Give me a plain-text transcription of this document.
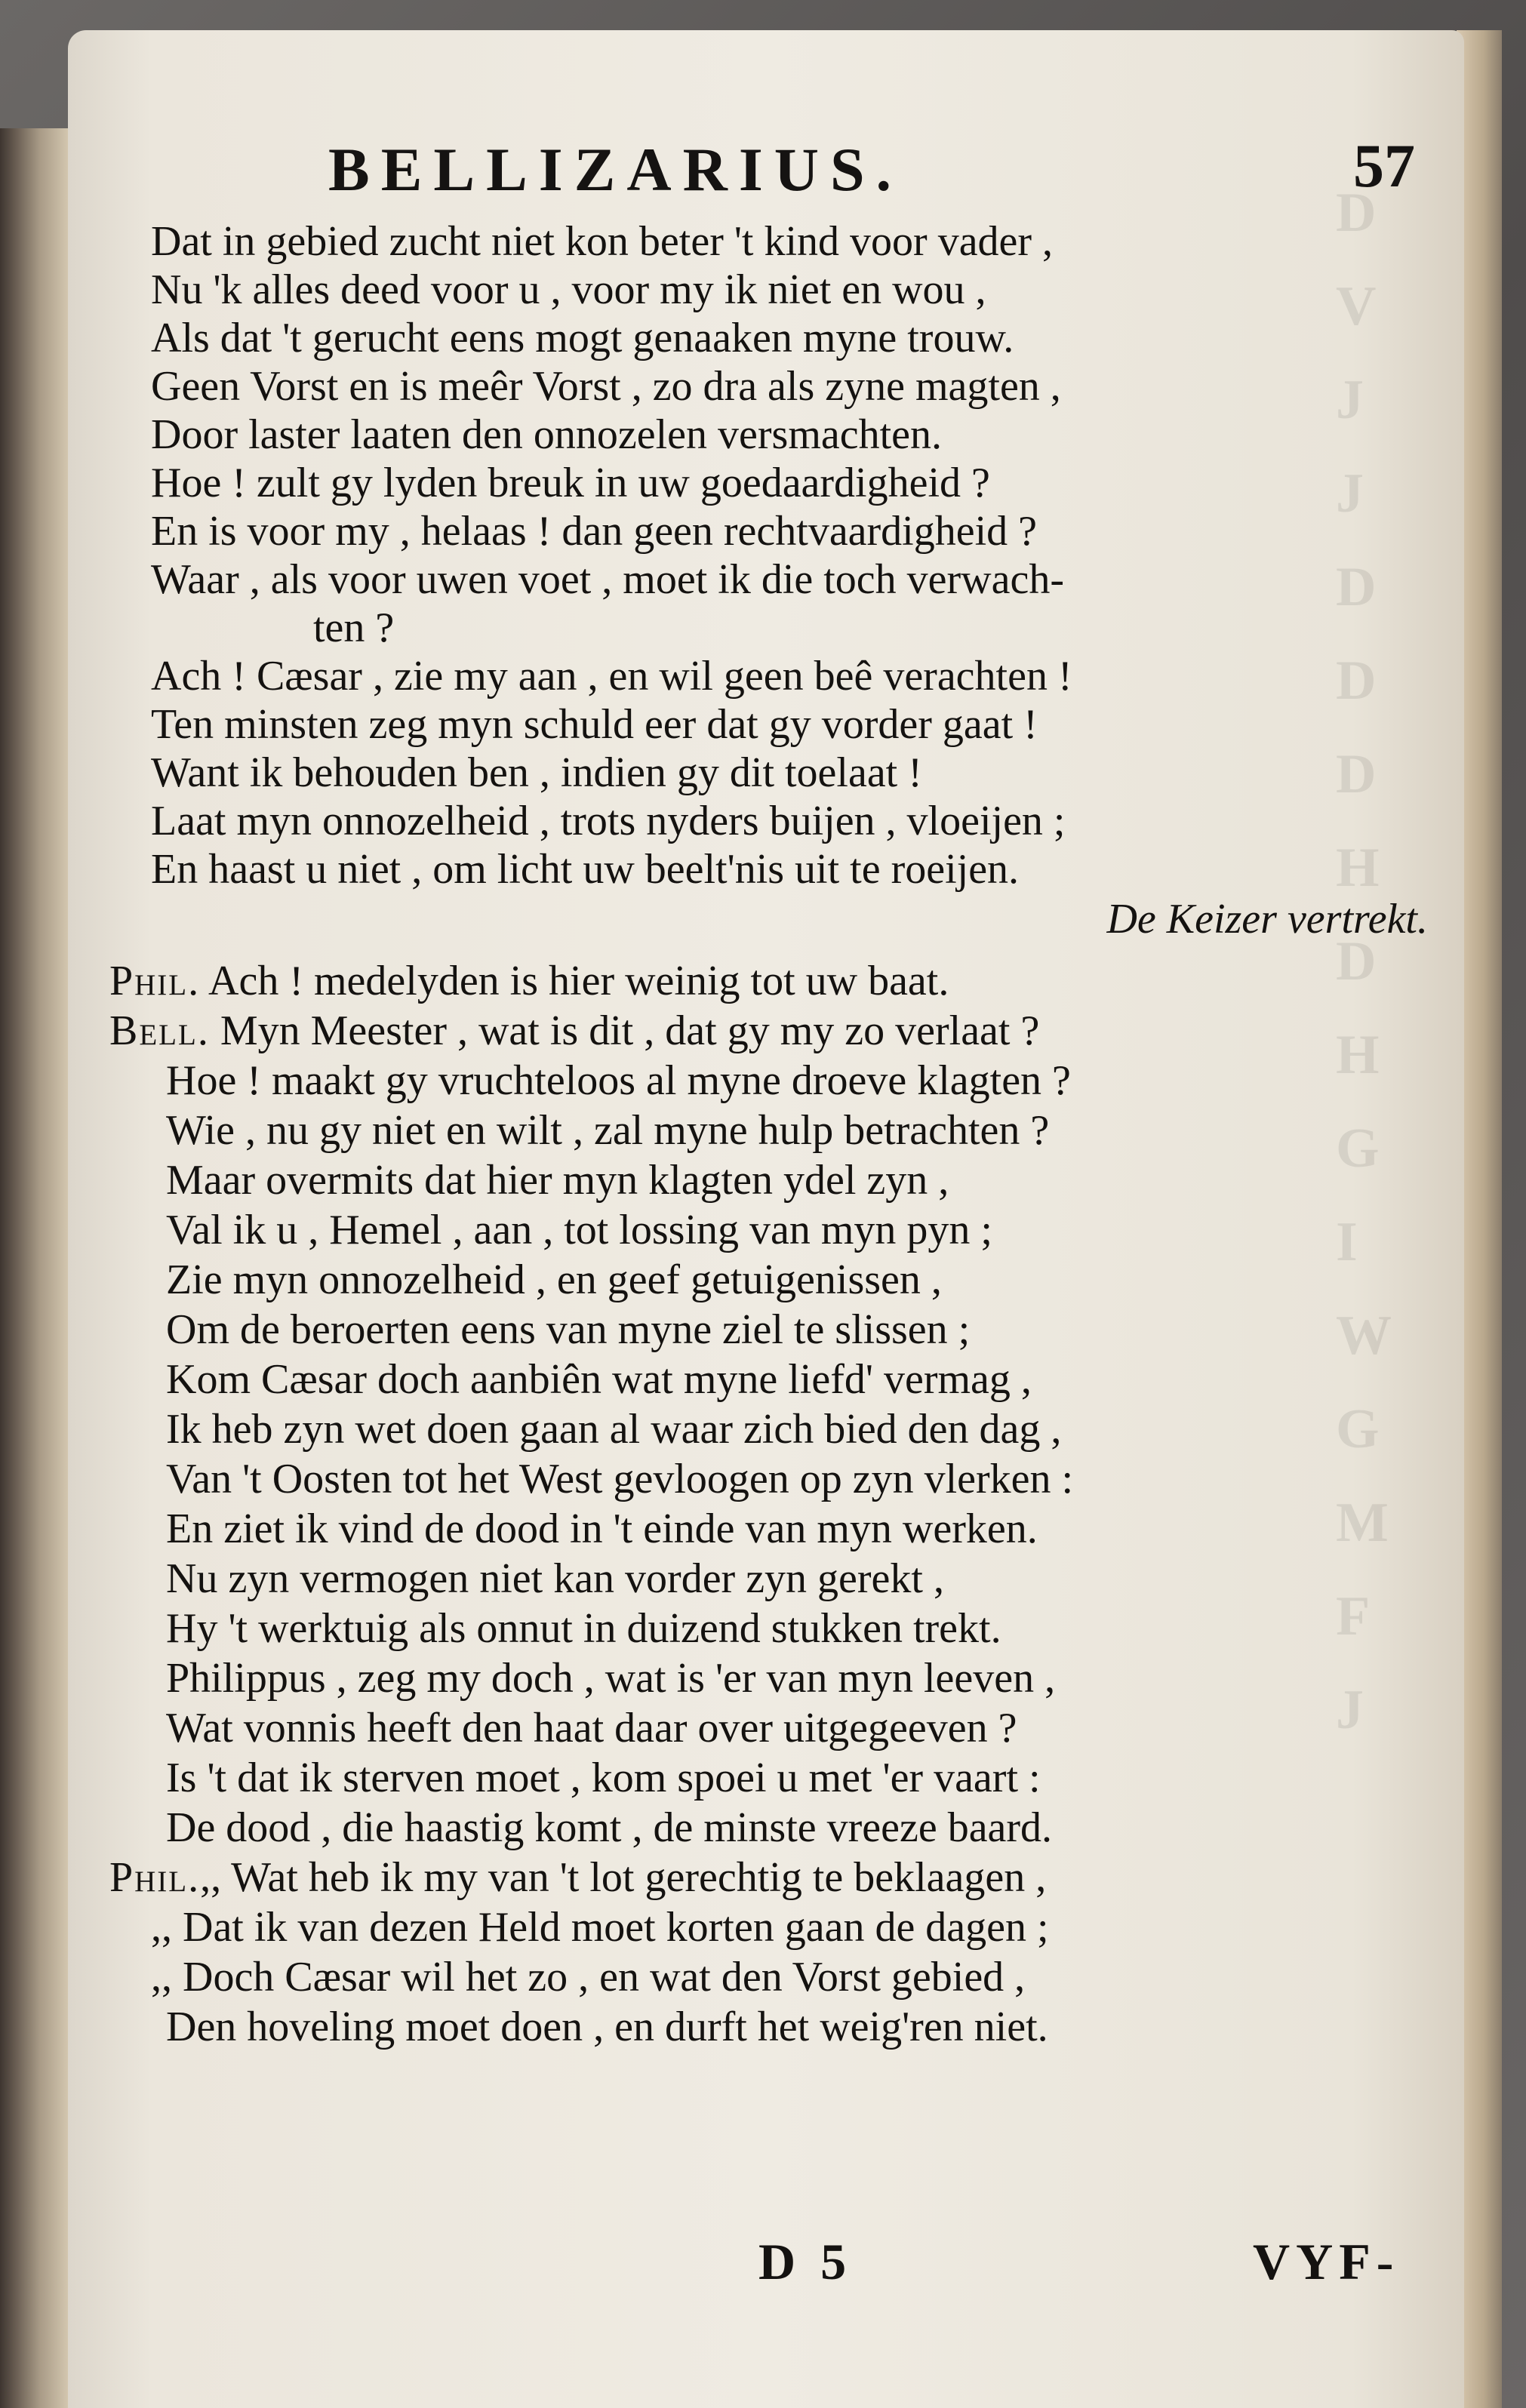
D
V
J
J
D
D
D
H
D
H
G
I
W
G
M
F
J
BELLIZARIUS.	57
Dat in gebied zucht niet kon beter 't kind voor vader ,
Nu 'k alles deed voor u , voor my ik niet en wou ,
Als dat 't gerucht eens mogt genaaken myne trouw.
Geen Vorst en is meêr Vorst , zo dra als zyne magten ,
Door laster laaten den onnozelen versmachten.
Hoe ! zult gy lyden breuk in uw goedaardigheid ?
En is voor my , helaas ! dan geen rechtvaardigheid ?
Waar , als voor uwen voet , moet ik die toch verwach-
ten ?
Ach ! Cæsar , zie my aan , en wil geen beê verachten !
Ten minsten zeg myn schuld eer dat gy vorder gaat !
Want ik behouden ben , indien gy dit toelaat !
Laat myn onnozelheid , trots nyders buijen , vloeijen ;
En haast u niet , om licht uw beelt'nis uit te roeijen.
De Keizer vertrekt.
Phil. Ach ! medelyden is hier weinig tot uw baat.
Bell. Myn Meester , wat is dit , dat gy my zo verlaat ?
Hoe ! maakt gy vruchteloos al myne droeve klagten ?
Wie , nu gy niet en wilt , zal myne hulp betrachten ?
Maar overmits dat hier myn klagten ydel zyn ,
Val ik u , Hemel , aan , tot lossing van myn pyn ;
Zie myn onnozelheid , en geef getuigenissen ,
Om de beroerten eens van myne ziel te slissen ;
Kom Cæsar doch aanbiên wat myne liefd' vermag ,
Ik heb zyn wet doen gaan al waar zich bied den dag ,
Van 't Oosten tot het West gevloogen op zyn vlerken :
En ziet ik vind de dood in 't einde van myn werken.
Nu zyn vermogen niet kan vorder zyn gerekt ,
Hy 't werktuig als onnut in duizend stukken trekt.
Philippus , zeg my doch , wat is 'er van myn leeven ,
Wat vonnis heeft den haat daar over uitgegeeven ?
Is 't dat ik sterven moet , kom spoei u met 'er vaart :
De dood , die haastig komt , de minste vreeze baard.
Phil.,, Wat heb ik my van 't lot gerechtig te beklaagen ,
,, Dat ik van dezen Held moet korten gaan de dagen ;
,, Doch Cæsar wil het zo , en wat den Vorst gebied ,
Den hoveling moet doen , en durft het weig'ren niet.
D 5	VYF-
